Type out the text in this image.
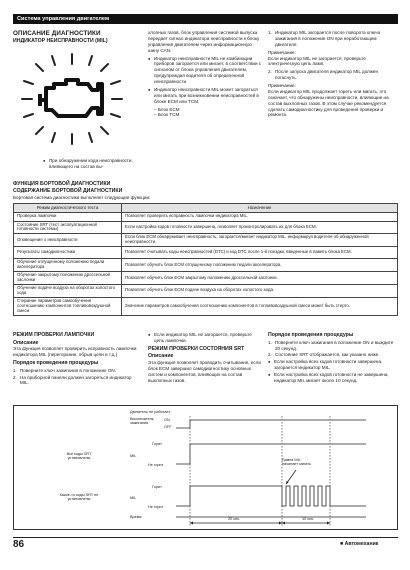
Система управления двигателем
ОПИСАНИЕ ДИАГНОСТИКИ
ИНДИКАТОР НЕИСПРАВНОСТИ (MIL)
● При обнаружении кода неисправности, влияющего на состав вы-

хлопных газов, блок управления системой выпуска передает сигнал индикатора неисправности к блоку управления двигателем через информационную шину CAN.

● Индикатор неисправности MIL не комбинации приборов загорается или мигает, в соответствии с сигналом от блока управления двигателем, предупреждая водителя об определенной неисправности.

● Индикатор неисправности MIL может загораться или мигать при возникновении неисправностей в блоке ECM или TCM.

– Блок ECM

– Блок TCM

1. Индикатор MIL загорается после поворота ключа зажигания в положение ON при неработающем двигателе.

Примечание:

Если индикатор MIL не загорается, проверьте электрическую цепь ламп.

2. После запуска двигателя индикатор MIL должен погаснуть.

Примечание:

Если индикатор MIL продолжает гореть или мигать, это означает, что обнаружены неисправности, влияющие на состав выхлопных газов. В этом случае рекомендуется сделать самодиагностику для проведения проверки и ремонта.

ФУНКЦИЯ БОРТОВОЙ ДИАГНОСТИКИ
СОДЕРЖАНИЕ БОРТОВОЙ ДИАГНОСТИКИ
Бортовая система диагностики выполняет следующие функции:
Режим диагностического теста	Назначение
Проверка лампочки	Позволяет проверить исправность лампочки индикатора MIL.
Состояние SRT (тест эксплуатационной готовности системы)	Если настройка кодов готовности завершена, позволяет проконтролировать их для блока ECM.
Оповещение о неисправности	Если блок ECM обнаруживает неисправность, загорается/мигает индикатор MIL, информируя водителя об обнаруженной неисправности.
Результаты самодиагностики	Позволяет считывать коды неисправностей (DTC) и код DTC после 1-й поездки, введенные в память блока ECM.
Обучение отпущенному положению педали акселератора	Позволяет обучить блок ECM отпущенному положению педали акселератора.
Обучение закрытому положению дроссельной заслонки	Позволяет обучить блок ECM закрытому положению дроссельной заслонки.
Обучение подаче воздуха на оборотах холостого хода	Позволяет обучить блок ECM подаче воздуха на оборотах холостого хода.
Стирание параметров самообучения соотношению компонентов топливовоздушной смеси	Значение параметров самообучения соотношению компонентов в топливовоздушной смеси может быть стерто.

РЕЖИМ ПРОВЕРКИ ЛАМПОЧКИ

Описание

Эта функция позволяет проверить исправность лампочки индикатора MIL (перегорание, обрыв цепи и т.д.).

Порядок проведения процедуры

1. Поверните ключ зажигания в положение ON.

2. На приборной панели должен загореться индикатор MIL.

● Если индикатор MIL не загорается, проверьте цепь лампочки.

РЕЖИМ ПРОВЕРКИ СОСТОЯНИЯ SRT

Описание

Эта функция позволяет проводить считывание, если блок ECM завершил самодиагностику основных систем и компонентов, влияющих на состав выхлопных газов.

Порядок проведения процедуры

1. Повернете ключ зажигания в положение ON и выждите 20 секунд.

2. Состояние SRT отображается, как указано ниже.

● Если настройка всех кодов готовности завершена, загорается индикатор MIL.

● Если настройка всех кодов готовности не завершена, индикатор MIL мигает около 10 секунд.

Двигатель не работает
Выключатель зажигания
ON
OFF
Горит
Все коды SRT установлены
MIL
Не горит
Горит
Какие-то коды SRT не установлены	MIL
Не горит
Лампа MIL начинает мигать
Время	20 сек.	10 сек.
86	■ Автомеханик
